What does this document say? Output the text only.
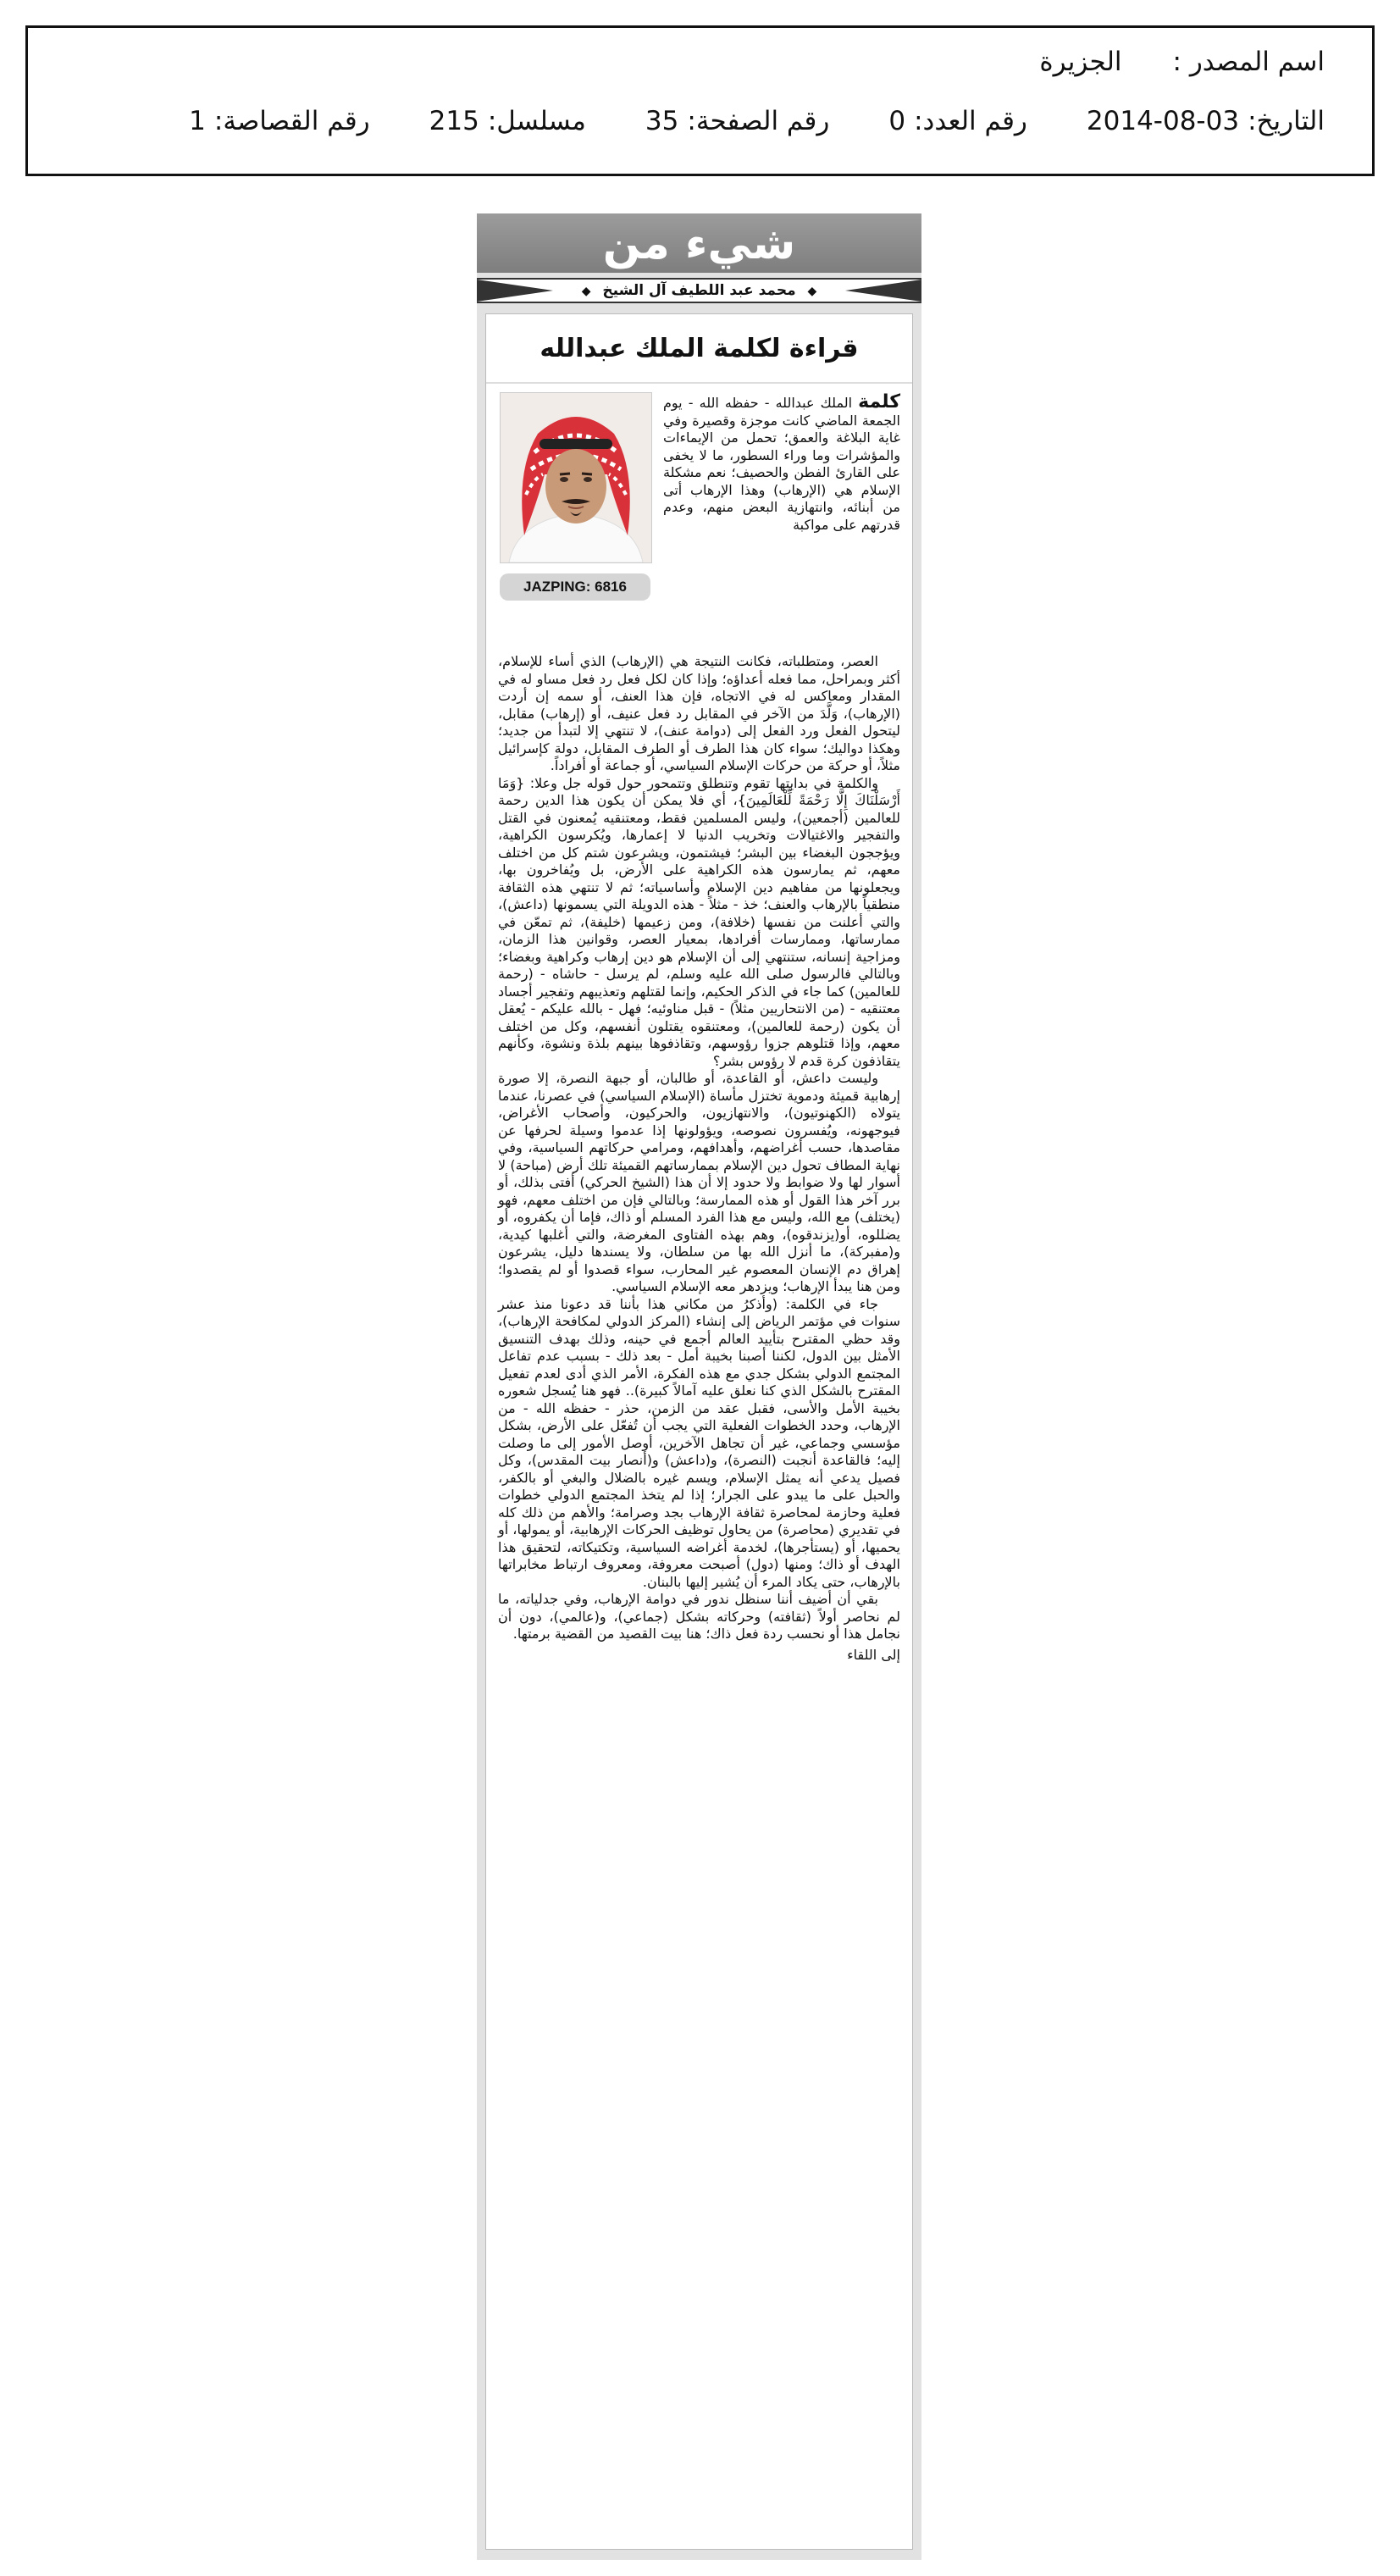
اسم المصدر :
الجزيرة
التاريخ:
2014-08-03
رقم العدد:
0
رقم الصفحة:
35
مسلسل:
215
رقم القصاصة:
1
شيء من
◆ محمد عبد اللطيف آل الشيخ ◆
قراءة لكلمة الملك عبدالله
JAZPING: 6816

كلمة الملك عبدالله - حفظه الله - يوم الجمعة الماضي كانت موجزة وقصيرة وفي غاية البلاغة والعمق؛ تحمل من الإيماءات والمؤشرات وما وراء السطور، ما لا يخفى على القارئ الفطن والحصيف؛ نعم مشكلة الإسلام هي (الإرهاب) وهذا الإرهاب أتى من أبنائه، وانتهازية البعض منهم، وعدم قدرتهم على مواكبة

العصر، ومتطلباته، فكانت النتيجة هي (الإرهاب) الذي أساء للإسلام، أكثر وبمراحل، مما فعله أعداؤه؛ وإذا كان لكل فعل رد فعل مساو له في المقدار ومعاكس له في الاتجاه، فإن هذا العنف، أو سمه إن أردت (الإرهاب)، وَلَّدَ من الآخر في المقابل رد فعل عنيف، أو (إرهاب) مقابل، ليتحول الفعل ورد الفعل إلى (دوامة عنف)، لا تنتهي إلا لتبدأ من جديد؛ وهكذا دواليك؛ سواء كان هذا الطرف أو الطرف المقابل، دولة كإسرائيل مثلاً، أو حركة من حركات الإسلام السياسي، أو جماعة أو أفراداً.

والكلمة في بدايتها تقوم وتنطلق وتتمحور حول قوله جل وعلا: {وَمَا أَرْسَلْنَاكَ إِلَّا رَحْمَةً لِّلْعَالَمِينَ}، أي فلا يمكن أن يكون هذا الدين رحمة للعالمين (أجمعين)، وليس المسلمين فقط، ومعتنقيه يُمعنون في القتل والتفجير والاغتيالات وتخريب الدنيا لا إعمارها، ويُكرسون الكراهية، ويؤججون البغضاء بين البشر؛ فيشتمون، ويشرعون شتم كل من اختلف معهم، ثم يمارسون هذه الكراهية على الأرض، بل ويُفاخرون بها، ويجعلونها من مفاهيم دين الإسلام وأساسياته؛ ثم لا تنتهي هذه الثقافة منطقياً بالإرهاب والعنف؛ خذ - مثلاً - هذه الدويلة التي يسمونها (داعش)، والتي أعلنت من نفسها (خلافة)، ومن زعيمها (خليفة)، ثم تمعّن في ممارساتها، وممارسات أفرادها، بمعيار العصر، وقوانين هذا الزمان، ومزاجية إنسانه، ستنتهي إلى أن الإسلام هو دين إرهاب وكراهية وبغضاء؛ وبالتالي فالرسول صلى الله عليه وسلم، لم يرسل - حاشاه - (رحمة للعالمين) كما جاء في الذكر الحكيم، وإنما لقتلهم وتعذيبهم وتفجير أجساد معتنقيه - (من الانتحاريين مثلاً) - قبل مناوئيه؛ فهل - بالله عليكم - يُعقل أن يكون (رحمة للعالمين)، ومعتنقوه يقتلون أنفسهم، وكل من اختلف معهم، وإذا قتلوهم جزوا رؤوسهم، وتقاذفوها بينهم بلذة ونشوة، وكأنهم يتقاذفون كرة قدم لا رؤوس بشر؟

وليست داعش، أو القاعدة، أو طالبان، أو جبهة النصرة، إلا صورة إرهابية قميئة ودموية تختزل مأساة (الإسلام السياسي) في عصرنا، عندما يتولاه (الكهنوتيون)، والانتهازيون، والحركيون، وأصحاب الأغراض، فيوجهونه، ويُفسرون نصوصه، ويؤولونها إذا عدموا وسيلة لحرفها عن مقاصدها، حسب أغراضهم، وأهدافهم، ومرامي حركاتهم السياسية، وفي نهاية المطاف تحول دين الإسلام بممارساتهم القميئة تلك أرض (مباحة) لا أسوار لها ولا ضوابط ولا حدود إلا أن هذا (الشيخ الحركي) أفتى بذلك، أو برر آخر هذا القول أو هذه الممارسة؛ وبالتالي فإن من اختلف معهم، فهو (يختلف) مع الله، وليس مع هذا الفرد المسلم أو ذاك، فإما أن يكفروه، أو يضللوه، أو(يزندقوه)، وهم بهذه الفتاوى المغرضة، والتي أغلبها كيدية، و(مفبركة)، ما أنزل الله بها من سلطان، ولا يسندها دليل، يشرعون إهراق دم الإنسان المعصوم غير المحارب، سواء قصدوا أو لم يقصدوا؛ ومن هنا يبدأ الإرهاب؛ ويزدهر معه الإسلام السياسي.

جاء في الكلمة: (وأذكرُ من مكاني هذا بأننا قد دعونا منذ عشر سنوات في مؤتمر الرياض إلى إنشاء (المركز الدولي لمكافحة الإرهاب)، وقد حظي المقترح بتأييد العالم أجمع في حينه، وذلك بهدف التنسيق الأمثل بين الدول، لكننا أصبنا بخيبة أمل - بعد ذلك - بسبب عدم تفاعل المجتمع الدولي بشكل جدي مع هذه الفكرة، الأمر الذي أدى لعدم تفعيل المقترح بالشكل الذي كنا نعلق عليه آمالاً كبيرة).. فهو هنا يُسجل شعوره بخيبة الأمل والأسى، فقبل عقد من الزمن، حذر - حفظه الله - من الإرهاب، وحدد الخطوات الفعلية التي يجب أن تُفعّل على الأرض، بشكل مؤسسي وجماعي، غير أن تجاهل الآخرين، أوصل الأمور إلى ما وصلت إليه؛ فالقاعدة أنجبت (النصرة)، و(داعش) و(أنصار بيت المقدس)، وكل فصيل يدعي أنه يمثل الإسلام، ويسم غيره بالضلال والبغي أو بالكفر، والحبل على ما يبدو على الجرار؛ إذا لم يتخذ المجتمع الدولي خطوات فعلية وحازمة لمحاصرة ثقافة الإرهاب بجد وصرامة؛ والأهم من ذلك كله في تقديري (محاصرة) من يحاول توظيف الحركات الإرهابية، أو يمولها، أو يحميها، أو (يستأجرها)، لخدمة أغراضه السياسية، وتكتيكاته، لتحقيق هذا الهدف أو ذاك؛ ومنها (دول) أصبحت معروفة، ومعروف ارتباط مخابراتها بالإرهاب، حتى يكاد المرء أن يُشير إليها بالبنان.

بقي أن أضيف أننا سنظل ندور في دوامة الإرهاب، وفي جدلياته، ما لم نحاصر أولاً (ثقافته) وحركاته بشكل (جماعي)، و(عالمي)، دون أن نجامل هذا أو نحسب ردة فعل ذاك؛ هنا بيت القصيد من القضية برمتها.

إلى اللقاء
